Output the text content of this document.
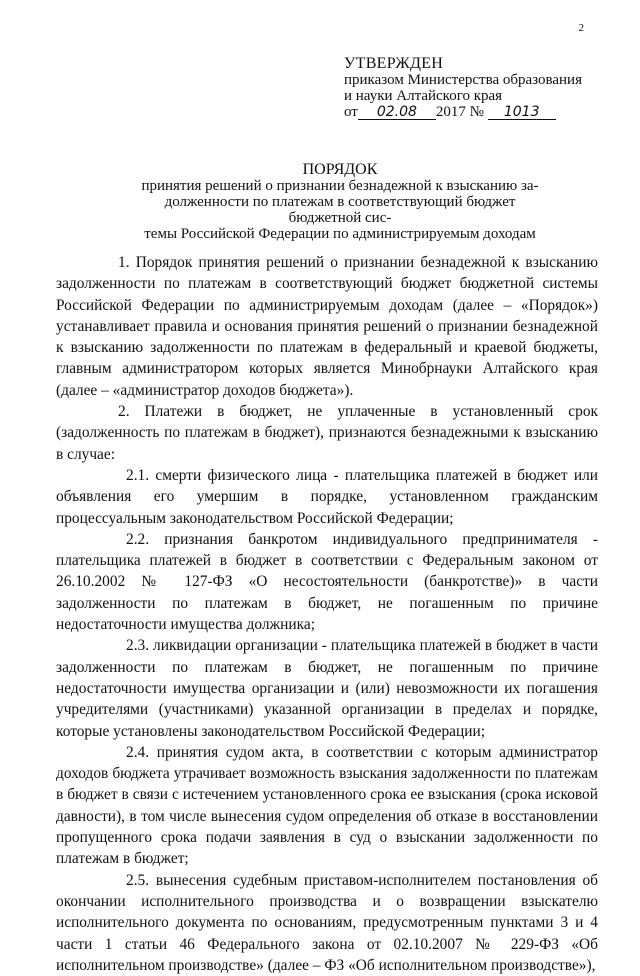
2
УТВЕРЖДЕН
приказом Министерства образования
и науки Алтайского края
от 02.08 2017 № 1013
ПОРЯДОК
принятия решений о признании безнадежной к взысканию за-
долженности по платежам в соответствующий бюджет бюджетной сис-
темы Российской Федерации по администрируемым доходам

1. Порядок принятия решений о признании безнадежной к взысканию задолженности по платежам в соответствующий бюджет бюджетной системы Российской Федерации по администрируемым доходам (далее – «Порядок») устанавливает правила и основания принятия решений о признании безнадежной к взысканию задолженности по платежам в федеральный и краевой бюджеты, главным администратором которых является Минобрнауки Алтайского края (далее – «администратор доходов бюджета»).

2. Платежи в бюджет, не уплаченные в установленный срок (задолженность по платежам в бюджет), признаются безнадежными к взысканию в случае:

2.1. смерти физического лица - плательщика платежей в бюджет или объявления его умершим в порядке, установленном гражданским процессуальным законодательством Российской Федерации;

2.2. признания банкротом индивидуального предпринимателя - плательщика платежей в бюджет в соответствии с Федеральным законом от 26.10.2002 № 127-ФЗ «О несостоятельности (банкротстве)» в части задолженности по платежам в бюджет, не погашенным по причине недостаточности имущества должника;

2.3. ликвидации организации - плательщика платежей в бюджет в части задолженности по платежам в бюджет, не погашенным по причине недостаточности имущества организации и (или) невозможности их погашения учредителями (участниками) указанной организации в пределах и порядке, которые установлены законодательством Российской Федерации;

2.4. принятия судом акта, в соответствии с которым администратор доходов бюджета утрачивает возможность взыскания задолженности по платежам в бюджет в связи с истечением установленного срока ее взыскания (срока исковой давности), в том числе вынесения судом определения об отказе в восстановлении пропущенного срока подачи заявления в суд о взыскании задолженности по платежам в бюджет;

2.5. вынесения судебным приставом-исполнителем постановления об окончании исполнительного производства и о возвращении взыскателю исполнительного документа по основаниям, предусмотренным пунктами 3 и 4 части 1 статьи 46 Федерального закона от 02.10.2007 № 229-ФЗ «Об исполнительном производстве» (далее – ФЗ «Об исполнительном производстве»),
